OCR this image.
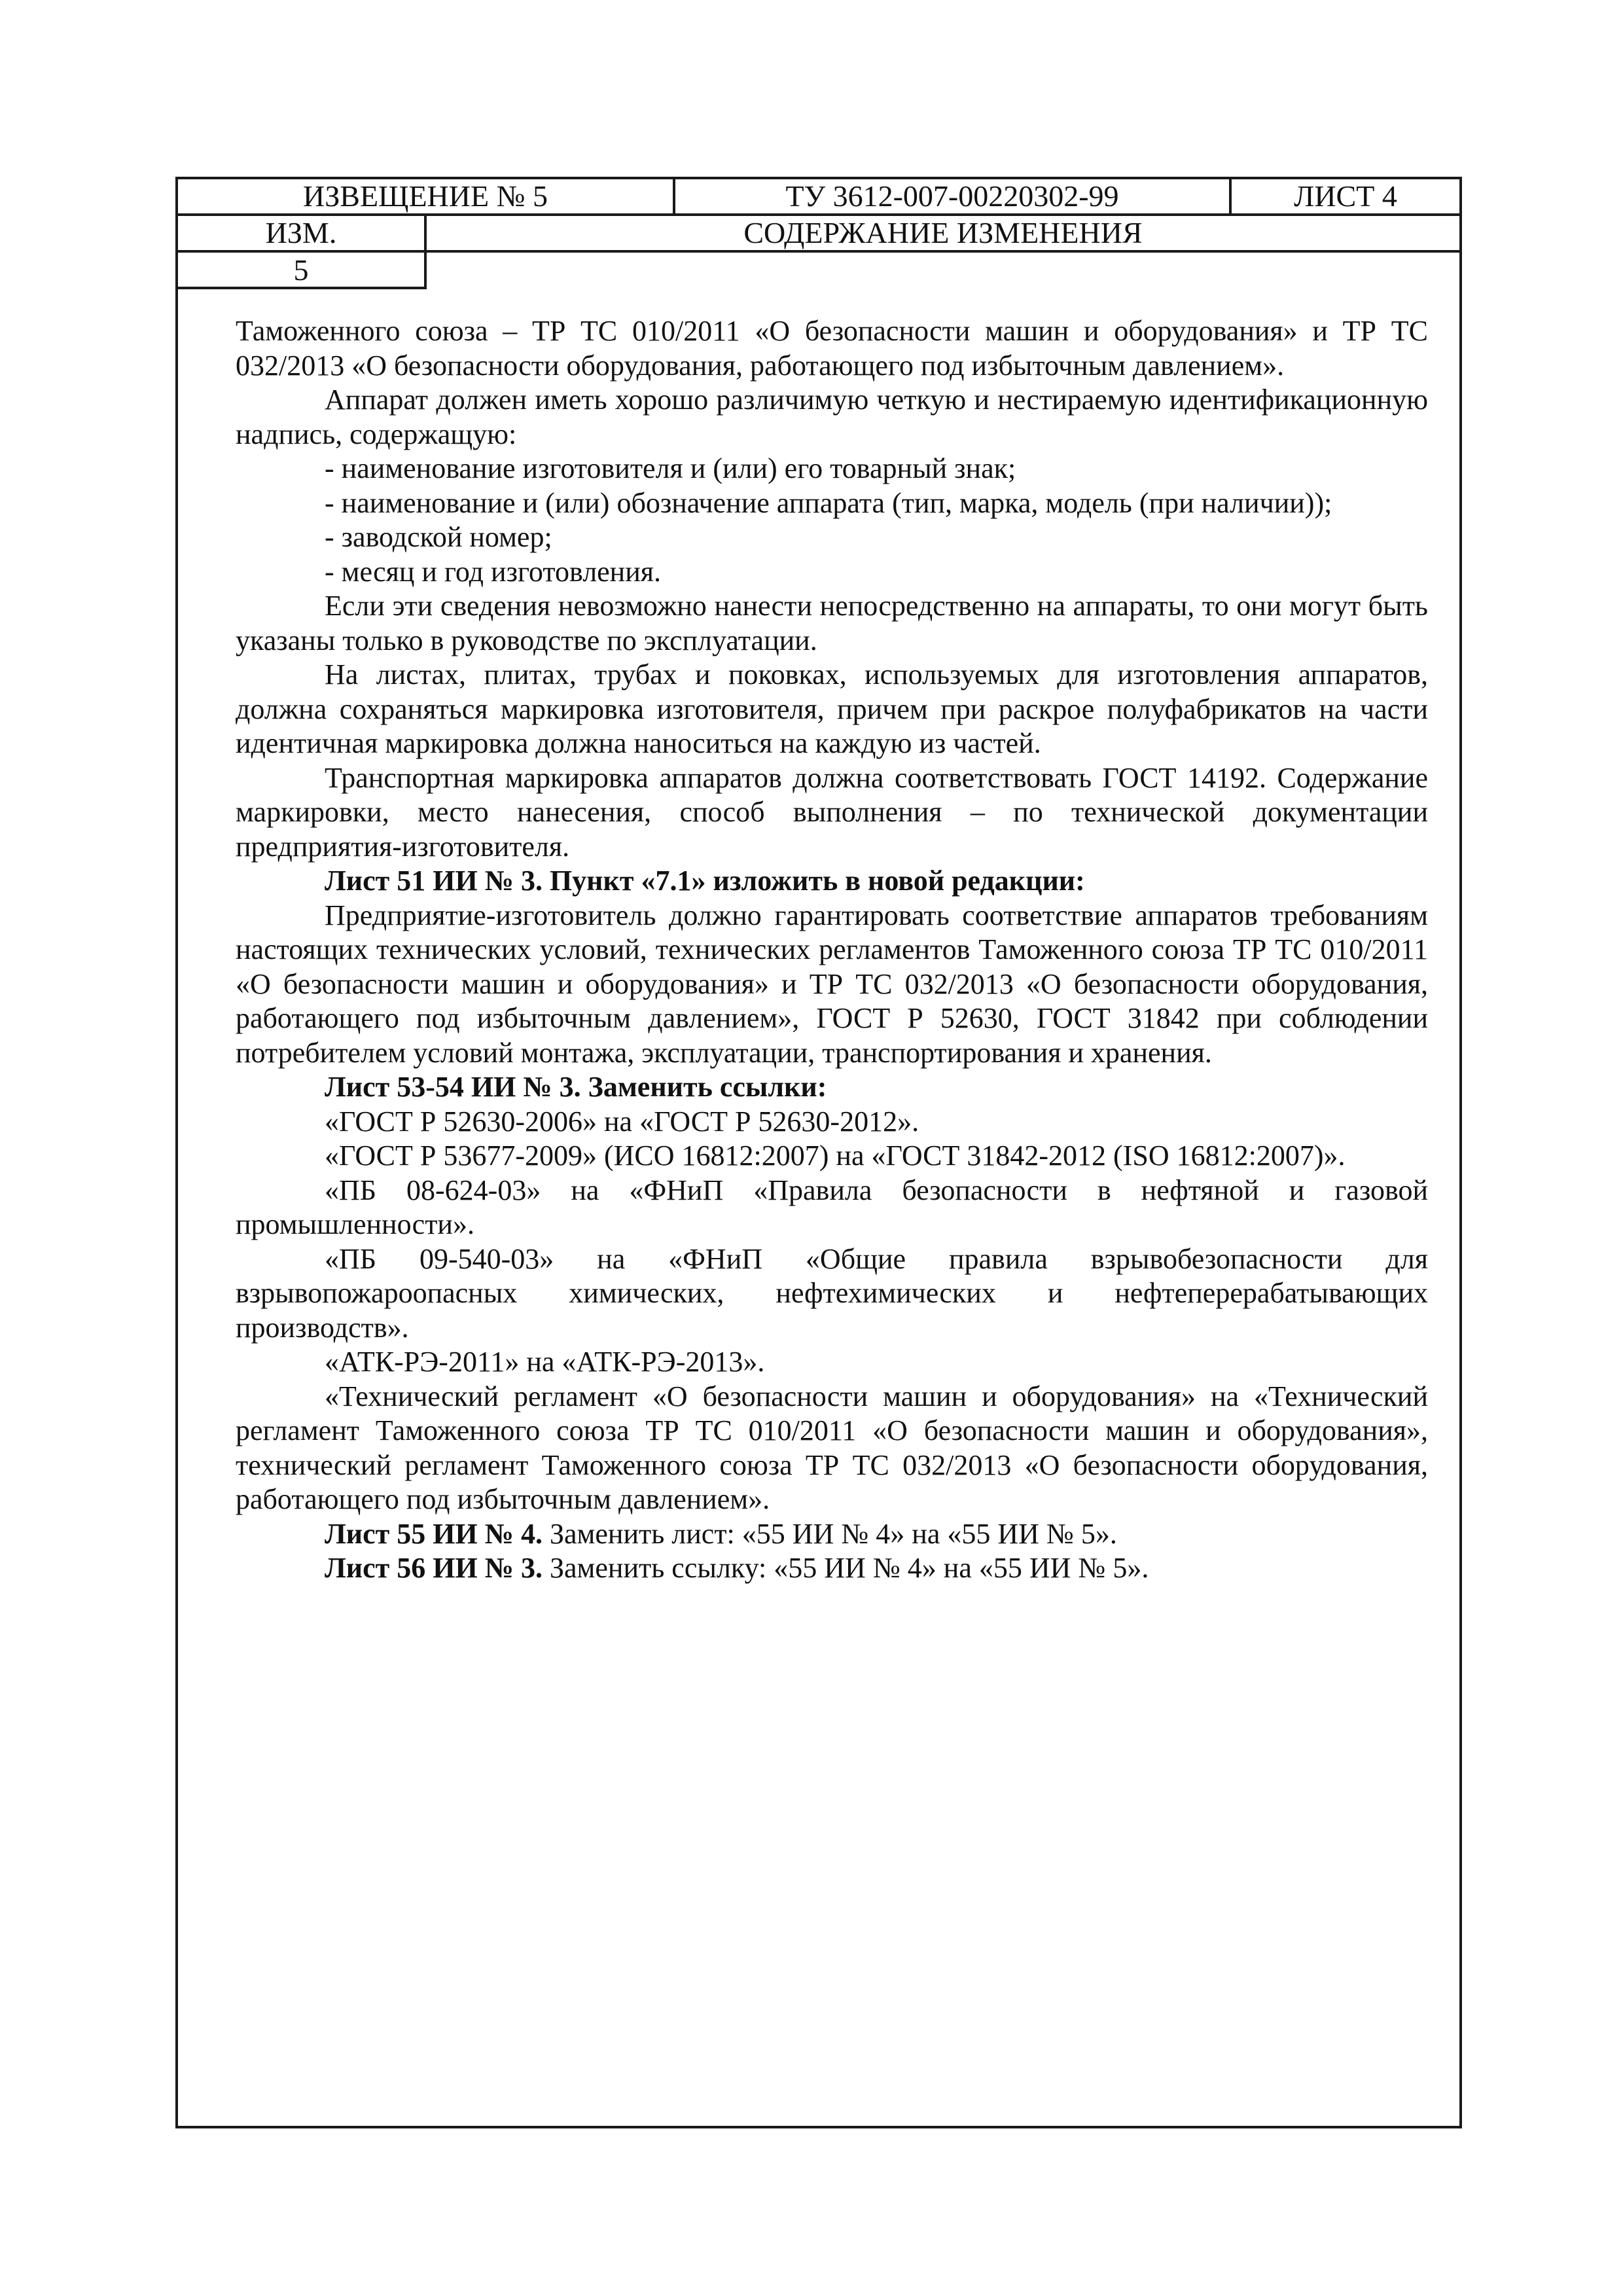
ИЗВЕЩЕНИЕ № 5	ТУ 3612-007-00220302-99	ЛИСТ 4
ИЗМ.	СОДЕРЖАНИЕ ИЗМЕНЕНИЯ
5

Таможенного союза – ТР ТС 010/2011 «О безопасности машин и оборудования» и ТР ТС 032/2013 «О безопасности оборудования, работающего под избыточным давлением».

Аппарат должен иметь хорошо различимую четкую и нестираемую идентификационную надпись, содержащую:

- наименование изготовителя и (или) его товарный знак;

- наименование и (или) обозначение аппарата (тип, марка, модель (при наличии));

- заводской номер;

- месяц и год изготовления.

Если эти сведения невозможно нанести непосредственно на аппараты, то они могут быть указаны только в руководстве по эксплуатации.

На листах, плитах, трубах и поковках, используемых для изготовления аппаратов, должна сохраняться маркировка изготовителя, причем при раскрое полуфабрикатов на части идентичная маркировка должна наноситься на каждую из частей.

Транспортная маркировка аппаратов должна соответствовать ГОСТ 14192. Содержание маркировки, место нанесения, способ выполнения – по технической документации предприятия-изготовителя.

Лист 51 ИИ № 3. Пункт «7.1» изложить в новой редакции:

Предприятие-изготовитель должно гарантировать соответствие аппаратов требованиям настоящих технических условий, технических регламентов Таможенного союза ТР ТС 010/2011 «О безопасности машин и оборудования» и ТР ТС 032/2013 «О безопасности оборудования, работающего под избыточным давлением», ГОСТ Р 52630, ГОСТ 31842 при соблюдении потребителем условий монтажа, эксплуатации, транспортирования и хранения.

Лист 53-54 ИИ № 3. Заменить ссылки:

«ГОСТ Р 52630-2006» на «ГОСТ Р 52630-2012».

«ГОСТ Р 53677-2009» (ИСО 16812:2007) на «ГОСТ 31842-2012 (ISO 16812:2007)».

«ПБ 08-624-03» на «ФНиП «Правила безопасности в нефтяной и газовой промышленности».

«ПБ 09-540-03» на «ФНиП «Общие правила взрывобезопасности для взрывопожароопасных химических, нефтехимических и нефтеперерабатывающих производств».

«АТК-РЭ-2011» на «АТК-РЭ-2013».

«Технический регламент «О безопасности машин и оборудования» на «Технический регламент Таможенного союза ТР ТС 010/2011 «О безопасности машин и оборудования», технический регламент Таможенного союза ТР ТС 032/2013 «О безопасности оборудования, работающего под избыточным давлением».

Лист 55 ИИ № 4. Заменить лист: «55 ИИ № 4» на «55 ИИ № 5».

Лист 56 ИИ № 3. Заменить ссылку: «55 ИИ № 4» на «55 ИИ № 5».
